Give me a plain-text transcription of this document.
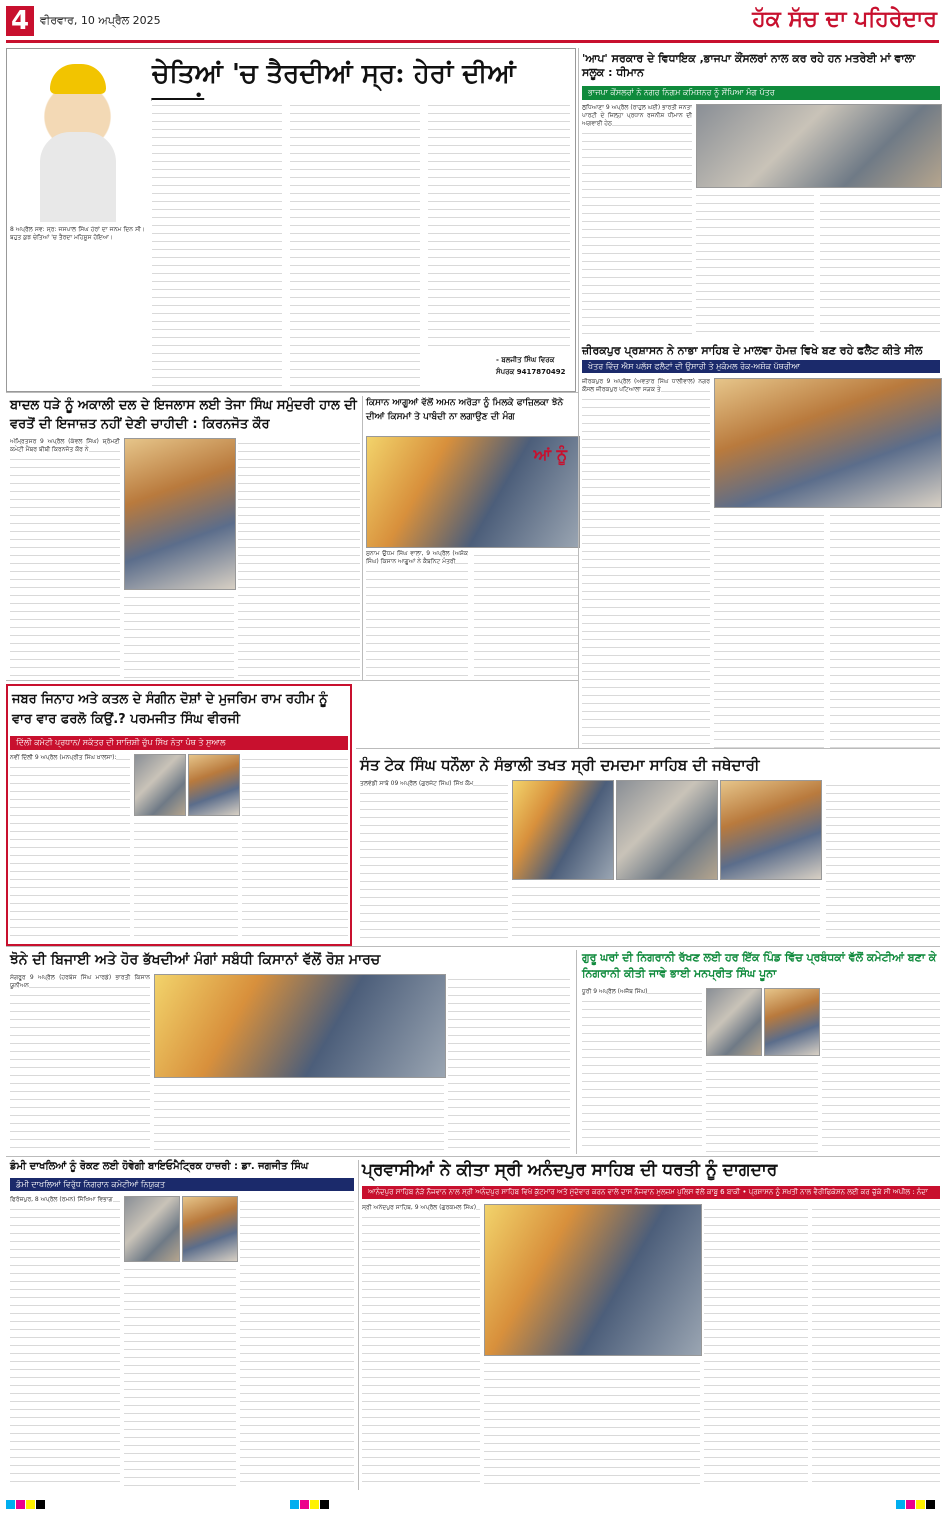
4 ਵੀਰਵਾਰ, 10 ਅਪ੍ਰੈਲ 2025	ਹੱਕ ਸੱਚ ਦਾ ਪਹਿਰੇਦਾਰ
ਚੇਤਿਆਂ 'ਚ ਤੈਰਦੀਆਂ ਸ੍ਰ: ਹੇਰਾਂ ਦੀਆਂ
8 ਅਪ੍ਰੈਲ ਸਵ: ਸ੍ਰ: ਜਸਪਾਲ ਸਿੰਘ ਹੇਰਾਂ ਦਾ ਜਨਮ ਦਿਨ ਸੀ। ਬਹੁਤ ਕੁਝ ਚੇਤਿਆਂ 'ਚ ਤੈਰਦਾ ਮਹਿਸੂਸ ਹੋਇਆ।
- ਬਲਜੀਤ ਸਿੰਘ ਵਿਰਕ
ਸੰਪਰਕ 9417870492
'ਆਪ' ਸਰਕਾਰ ਦੇ ਵਿਧਾਇਕ ,ਭਾਜਪਾ ਕੌਂਸਲਰਾਂ ਨਾਲ ਕਰ ਰਹੇ ਹਨ ਮਤਰੇਈ ਮਾਂ ਵਾਲਾ ਸਲੂਕ : ਧੀਮਾਨ
ਭਾਜਪਾ ਕੌਂਸਲਰਾਂ ਨੇ ਨਗਰ ਨਿਗਮ ਕਮਿਸ਼ਨਰ ਨੂੰ ਸੌਂਪਿਆ ਮੰਗ ਪੱਤਰ
ਲੁਧਿਆਣਾ 9 ਅਪ੍ਰੈਲ (ਰਾਹੁਲ ਘਈ) ਭਾਰਤੀ ਜਨਤਾ ਪਾਰਟੀ ਦੇ ਜ਼ਿਲ੍ਹਾ ਪ੍ਰਧਾਨ ਰਜਨੀਸ਼ ਧੀਮਾਨ ਦੀ ਅਗਵਾਈ ਹੇਠ
ਜ਼ੀਰਕਪੁਰ ਪ੍ਰਸ਼ਾਸਨ ਨੇ ਨਾਭਾ ਸਾਹਿਬ ਦੇ ਮਾਲਵਾ ਹੋਮਜ਼ ਵਿਖੇ ਬਣ ਰਹੇ ਫਲੈਟ ਕੀਤੇ ਸੀਲ
ਖੇਤਰ ਵਿੱਚ ਐਸ ਪਲੱਸ ਫਲੈਟਾਂ ਦੀ ਉਸਾਰੀ ਤੇ ਮੁਕੰਮਲ ਰੋਕ-ਅਸ਼ੋਕ ਪੱਥਰੀਆ
ਜ਼ੀਰਕਪੁਰ 9 ਅਪ੍ਰੈਲ (ਅਵਤਾਰ ਸਿੰਘ ਧਾਲੀਵਾਲ) ਨਗਰ ਕੌਂਸਲ ਜ਼ੀਰਕਪੁਰ ਪਟਿਆਲਾ ਸੜਕ ਤੇ
ਬਾਦਲ ਧੜੇ ਨੂੰ ਅਕਾਲੀ ਦਲ ਦੇ ਇਜਲਾਸ ਲਈ ਤੇਜਾ ਸਿੰਘ ਸਮੁੰਦਰੀ ਹਾਲ ਦੀ ਵਰਤੋਂ ਦੀ ਇਜਾਜ਼ਤ ਨਹੀਂ ਦੇਣੀ ਚਾਹੀਦੀ : ਕਿਰਨਜੋਤ ਕੌਰ
ਅੰਮ੍ਰਿਤਸਰ 9 ਅਪ੍ਰੈਲ (ਕੰਵਲ ਸਿੰਘ) ਸ਼੍ਰੋਮਣੀ ਕਮੇਟੀ ਮੈਂਬਰ ਬੀਬੀ ਕਿਰਨਜੋਤ ਕੌਰ ਨੇ
ਕਿਸਾਨ ਆਗੂਆਂ ਵੱਲੋਂ ਅਮਨ ਅਰੋੜਾ ਨੂੰ ਮਿਲਕੇ ਫਾਜ਼ਿਲਕਾ ਝੋਨੇ ਦੀਆਂ ਕਿਸਮਾਂ ਤੇ ਪਾਬੰਦੀ ਨਾ ਲਗਾਉਣ ਦੀ ਮੰਗ
ਆਂ ਨੂੰ
ਸੁਨਾਮ ਉਧਮ ਸਿੰਘ ਵਾਲਾ, 9 ਅਪ੍ਰੈਲ (ਅਸ਼ੋਕ ਸਿੰਘ) ਕਿਸਾਨ ਆਗੂਆਂ ਨੇ ਕੈਬਨਿਟ ਮੰਤਰੀ
ਜਬਰ ਜਿਨਾਹ ਅਤੇ ਕਤਲ ਦੇ ਸੰਗੀਨ ਦੋਸ਼ਾਂ ਦੇ ਮੁਜਰਿਮ ਰਾਮ ਰਹੀਮ ਨੂੰ ਵਾਰ ਵਾਰ ਫਰਲੋ ਕਿਉਂ.? ਪਰਮਜੀਤ ਸਿੰਘ ਵੀਰਜੀ
ਦਿੱਲੀ ਕਮੇਟੀ ਪ੍ਰਧਾਨ/ ਸਕੱਤਰ ਦੀ ਸਾਜ਼ਿਸ਼ੀ ਚੁੱਪ ਸਿੱਖ ਨੇਤਾ ਪੰਥ ਤੇ ਸੁਆਲ
ਨਵੀਂ ਦਿੱਲੀ 9 ਅਪ੍ਰੈਲ (ਮਨਪ੍ਰੀਤ ਸਿੰਘ ਖ਼ਾਲਸਾ):	ਸੰਤ ਟੇਕ ਸਿੰਘ ਧਨੌਲਾ ਨੇ ਸੰਭਾਲੀ ਤਖਤ ਸ੍ਰੀ ਦਮਦਮਾ ਸਾਹਿਬ ਦੀ ਜਥੇਦਾਰੀ
ਤਲਵੰਡੀ ਸਾਬੋ 09 ਅਪ੍ਰੈਲ (ਗੁਰਜੰਟ ਸਿੰਘ) ਸਿੱਖ ਕੌਮ
ਝੋਨੇ ਦੀ ਬਿਜਾਈ ਅਤੇ ਹੋਰ ਭੱਖਦੀਆਂ ਮੰਗਾਂ ਸਬੰਧੀ ਕਿਸਾਨਾਂ ਵੱਲੋਂ ਰੋਸ਼ ਮਾਰਚ
ਸੰਗਰੂਰ 9 ਅਪ੍ਰੈਲ (ਹਰਬੰਸ ਸਿੰਘ ਮਾਰਡੇ) ਭਾਰਤੀ ਕਿਸਾਨ ਯੂਨੀਅਨ
ਗੁਰੂ ਘਰਾਂ ਦੀ ਨਿਗਰਾਨੀ ਰੱਖਣ ਲਈ ਹਰ ਇੱਕ ਪਿੰਡ ਵਿੱਚ ਪ੍ਰਬੰਧਕਾਂ ਵੱਲੋਂ ਕਮੇਟੀਆਂ ਬਣਾ ਕੇ ਨਿਗਰਾਨੀ ਕੀਤੀ ਜਾਵੇ ਭਾਈ ਮਨਪ੍ਰੀਤ ਸਿੰਘ ਪੂਨਾ
ਧੂਰੀ 9 ਅਪ੍ਰੈਲ (ਅਜੈਬ ਸਿੰਘ)
ਡੰਮੀ ਦਾਖਲਿਆਂ ਨੂੰ ਰੋਕਣ ਲਈ ਹੋਵੇਗੀ ਬਾਇਓਮੈਟ੍ਰਿਕ ਹਾਜ਼ਰੀ : ਡਾ. ਜਗਜੀਤ ਸਿੰਘ
ਡੰਮੀ ਦਾਖਲਿਆਂ ਵਿਰੁੱਧ ਨਿਗਰਾਨ ਕਮੇਟੀਆਂ ਨਿਯੁਕਤ
ਫਿਰੋਜ਼ਪੁਰ, 8 ਅਪ੍ਰੈਲ (ਰਮਨ) ਸਿੱਖਿਆ ਵਿਭਾਗ
ਪ੍ਰਵਾਸੀਆਂ ਨੇ ਕੀਤਾ ਸ੍ਰੀ ਅਨੰਦਪੁਰ ਸਾਹਿਬ ਦੀ ਧਰਤੀ ਨੂੰ ਦਾਗਦਾਰ
ਆਨੰਦਪੁਰ ਸਾਹਿਬ ਨੇੜੇ ਨੌਜਵਾਨ ਨਾਲ ਸ੍ਰੀ ਅਨੰਦਪੁਰ ਸਾਹਿਬ ਵਿਖੇ ਕੁੱਟਮਾਰ ਅਤੇ ਮੁੱਦੇਵਾਰ ਕਰਨ ਵਾਲੇ ਦਾਸ ਨੌਜਵਾਨ ਮੁਲਜ਼ਮ ਪੁਲਿਸ ਵੱਲੋਂ ਕਾਬੂ 6 ਬਾਕੀ • ਪ੍ਰਸ਼ਾਸਨ ਨੂੰ ਸਖ਼ਤੀ ਨਾਲ ਵੈਰੀਫਿਕੇਸ਼ਨ ਲਈ ਕਰ ਚੁੱਕੇ ਸੀ ਅਪੀਲ : ਨੰਦਾ
ਸ੍ਰੀ ਅਨੰਦਪੁਰ ਸਾਹਿਬ, 9 ਅਪ੍ਰੈਲ (ਗੁਰਕਮਲ ਸਿੰਘ)
